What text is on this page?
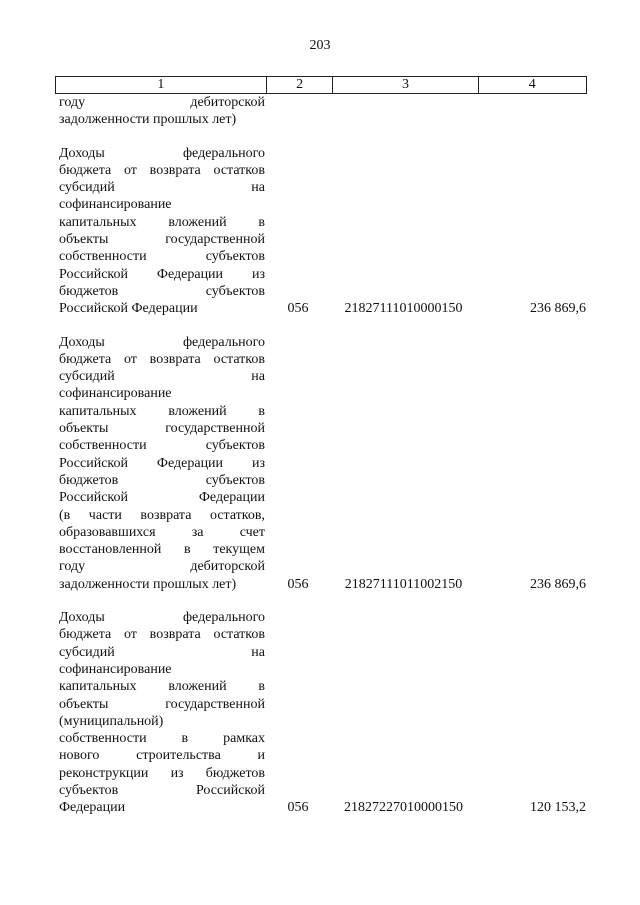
203
1	2	3	4
году дебиторской
задолженности прошлых лет)
Доходы федерального
бюджета от возврата остатков
субсидий на
софинансирование
капитальных вложений в
объекты государственной
собственности субъектов
Российской Федерации из
бюджетов субъектов
Российской Федерации	056	21827111010000150	236 869,6
Доходы федерального
бюджета от возврата остатков
субсидий на
софинансирование
капитальных вложений в
объекты государственной
собственности субъектов
Российской Федерации из
бюджетов субъектов
Российской Федерации
(в части возврата остатков,
образовавшихся за счет
восстановленной в текущем
году дебиторской
задолженности прошлых лет)	056	21827111011002150	236 869,6
Доходы федерального
бюджета от возврата остатков
субсидий на
софинансирование
капитальных вложений в
объекты государственной
(муниципальной)
собственности в рамках
нового строительства и
реконструкции из бюджетов
субъектов Российской
Федерации	056	21827227010000150	120 153,2
